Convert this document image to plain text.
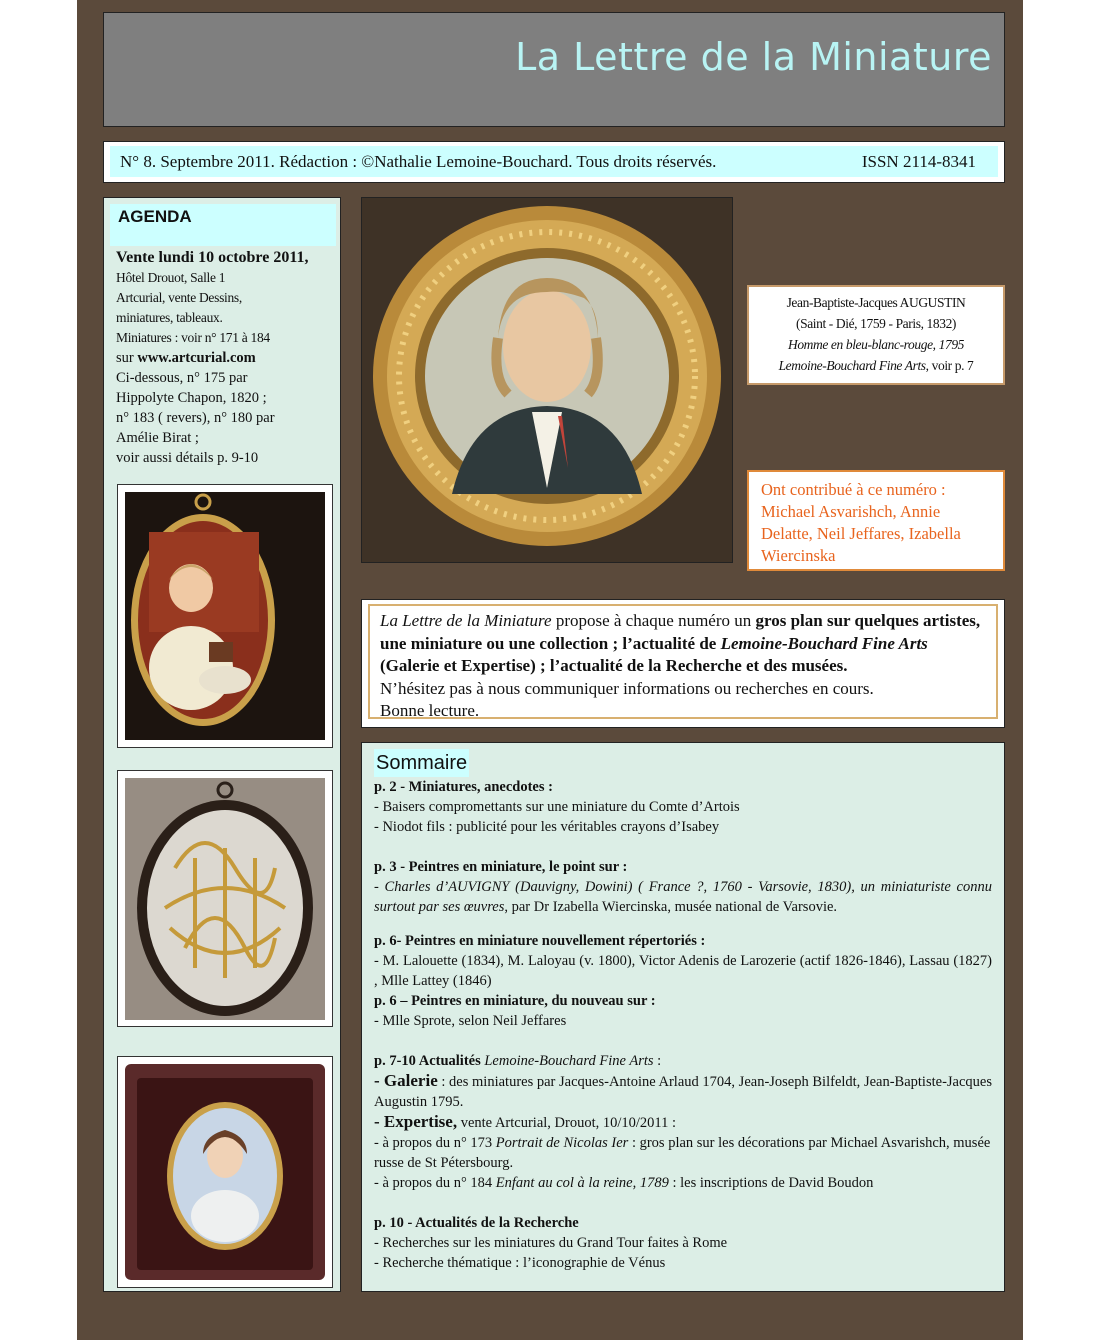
La Lettre de la Miniature
N° 8. Septembre 2011. Rédaction : ©Nathalie Lemoine-Bouchard. Tous droits réservés.	ISSN 2114-8341
AGENDA
Vente lundi 10 octobre 2011,
Hôtel Drouot, Salle 1
Artcurial, vente Dessins,
miniatures, tableaux.
Miniatures : voir n° 171 à 184
sur www.artcurial.com
Ci-dessous, n° 175 par
Hippolyte Chapon, 1820 ;
n° 183 ( revers), n° 180 par
Amélie Birat ;
voir aussi détails p. 9-10
Jean-Baptiste-Jacques AUGUSTIN
(Saint - Dié, 1759 - Paris, 1832)
Homme en bleu-blanc-rouge, 1795
Lemoine-Bouchard Fine Arts, voir p. 7
Ont contribué à ce numéro : Michael Asvarishch, Annie Delatte, Neil Jeffares, Izabella Wiercinska
La Lettre de la Miniature propose à chaque numéro un gros plan sur quelques artistes, une miniature ou une collection ; l’actualité de Lemoine-Bouchard Fine Arts (Galerie et Expertise) ; l’actualité de la Recherche et des musées.
N’hésitez pas à nous communiquer informations ou recherches en cours.
Bonne lecture.
Sommaire
p. 2 - Miniatures, anecdotes :
- Baisers compromettants sur une miniature du Comte d’Artois
- Niodot fils : publicité pour les véritables crayons d’Isabey
p. 3 - Peintres en miniature, le point sur :
- Charles d’AUVIGNY (Dauvigny, Dowini) ( France ?, 1760 - Varsovie, 1830), un miniaturiste connu surtout par ses œuvres, par Dr Izabella Wiercinska, musée national de Varsovie.
p. 6- Peintres en miniature nouvellement répertoriés :
- M. Lalouette (1834), M. Laloyau (v. 1800), Victor Adenis de Larozerie (actif 1826-1846), Lassau (1827) , Mlle Lattey (1846)
p. 6 – Peintres en miniature, du nouveau sur :
- Mlle Sprote, selon Neil Jeffares
p. 7-10 Actualités Lemoine-Bouchard Fine Arts :
- Galerie : des miniatures par Jacques-Antoine Arlaud 1704, Jean-Joseph Bilfeldt, Jean-Baptiste-Jacques Augustin 1795.
- Expertise, vente Artcurial, Drouot, 10/10/2011 :
- à propos du n° 173 Portrait de Nicolas Ier : gros plan sur les décorations par Michael Asvarishch, musée russe de St Pétersbourg.
- à propos du n° 184 Enfant au col à la reine, 1789 : les inscriptions de David Boudon
p. 10 - Actualités de la Recherche
- Recherches sur les miniatures du Grand Tour faites à Rome
- Recherche thématique : l’iconographie de Vénus
